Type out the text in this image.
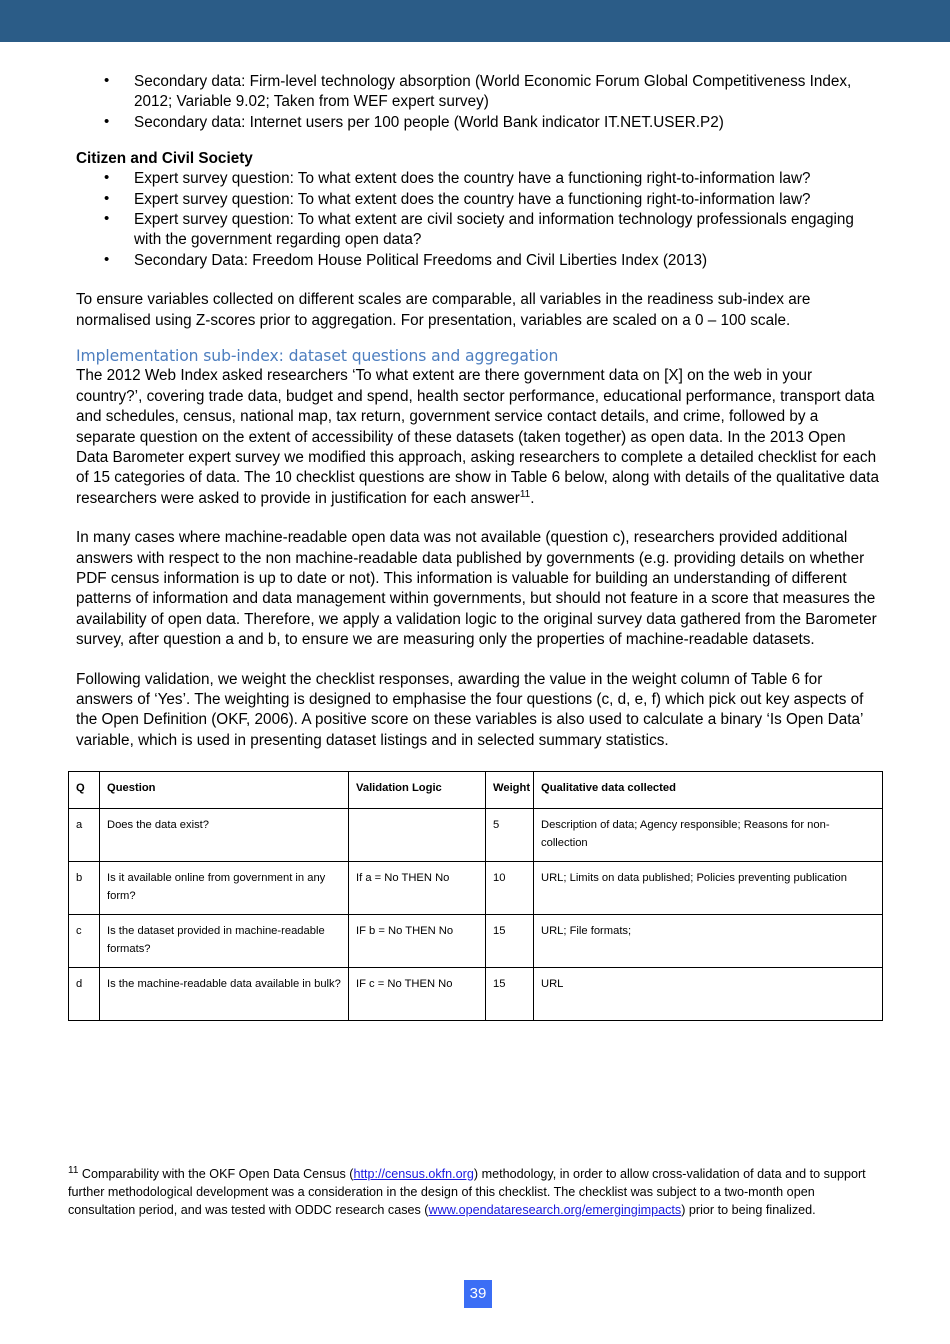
• Secondary data: Firm-level technology absorption (World Economic Forum Global Competitiveness Index, 2012; Variable 9.02; Taken from WEF expert survey)
• Secondary data: Internet users per 100 people (World Bank indicator IT.NET.USER.P2)

Citizen and Civil Society

• Expert survey question: To what extent does the country have a functioning right-to-information law?
• Expert survey question: To what extent does the country have a functioning right-to-information law?
• Expert survey question: To what extent are civil society and information technology professionals engaging with the government regarding open data?
• Secondary Data: Freedom House Political Freedoms and Civil Liberties Index (2013)

To ensure variables collected on different scales are comparable, all variables in the readiness sub-index are normalised using Z-scores prior to aggregation. For presentation, variables are scaled on a 0 – 100 scale.

Implementation sub-index: dataset questions and aggregation

The 2012 Web Index asked researchers ‘To what extent are there government data on [X] on the web in your country?’, covering trade data, budget and spend, health sector performance, educational performance, transport data and schedules, census, national map, tax return, government service contact details, and crime, followed by a separate question on the extent of accessibility of these datasets (taken together) as open data. In the 2013 Open Data Barometer expert survey we modified this approach, asking researchers to complete a detailed checklist for each of 15 categories of data. The 10 checklist questions are show in Table 6 below, along with details of the qualitative data researchers were asked to provide in justification for each answer$^{11}$.

In many cases where machine-readable open data was not available (question c), researchers provided additional answers with respect to the non machine-readable data published by governments (e.g. providing details on whether PDF census information is up to date or not). This information is valuable for building an understanding of different patterns of information and data management within governments, but should not feature in a score that measures the availability of open data. Therefore, we apply a validation logic to the original survey data gathered from the Barometer survey, after question a and b, to ensure we are measuring only the properties of machine-readable datasets.

Following validation, we weight the checklist responses, awarding the value in the weight column of Table 6 for answers of ‘Yes’. The weighting is designed to emphasise the four questions (c, d, e, f) which pick out key aspects of the Open Definition (OKF, 2006). A positive score on these variables is also used to calculate a binary ‘Is Open Data’ variable, which is used in presenting dataset listings and in selected summary statistics.

Q	Question	Validation Logic	Weight	Qualitative data collected
a	Does the data exist?		5	Description of data; Agency responsible; Reasons for non-collection
b	Is it available online from government in any form?	If a = No THEN No	10	URL; Limits on data published; Policies preventing publication
c	Is the dataset provided in machine-readable formats?	IF b = No THEN No	15	URL; File formats;
d	Is the machine-readable data available in bulk?	IF c = No THEN No	15	URL
$^{11}$ Comparability with the OKF Open Data Census (http://census.okfn.org) methodology, in order to allow cross-validation of data and to support further methodological development was a consideration in the design of this checklist. The checklist was subject to a two-month open consultation period, and was tested with ODDC research cases (www.opendataresearch.org/emergingimpacts) prior to being finalized.
39
